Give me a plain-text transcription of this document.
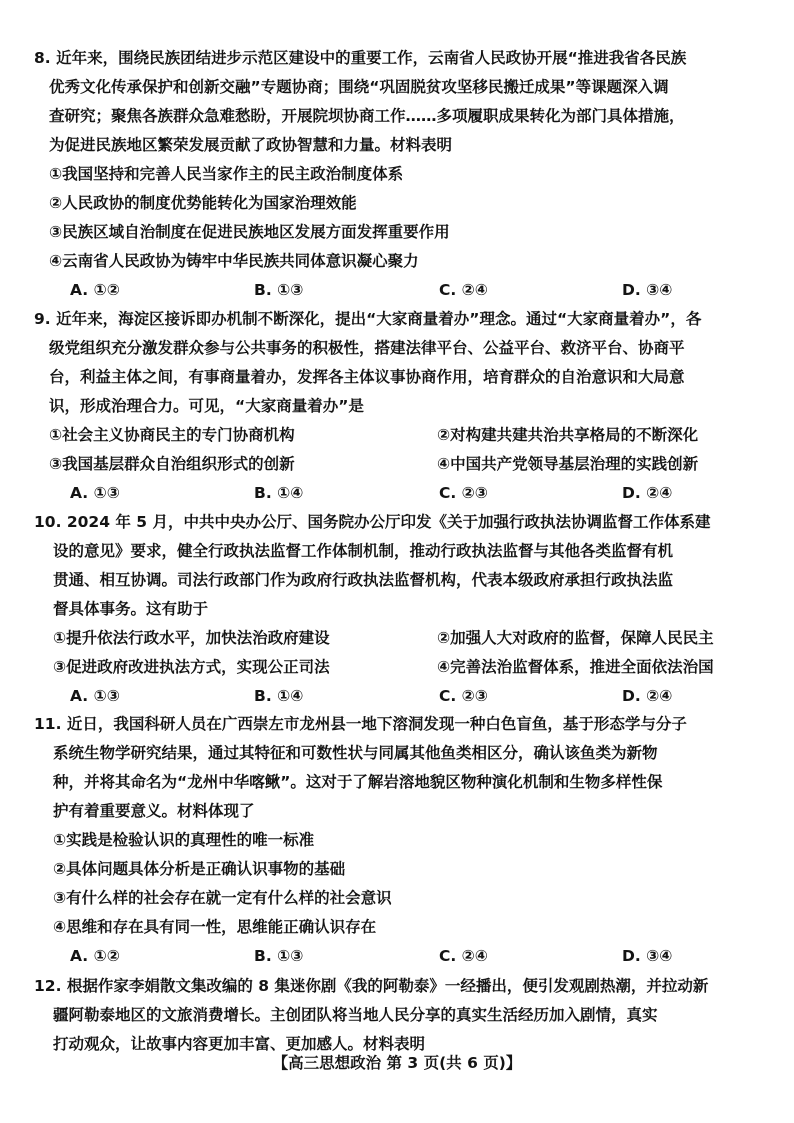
8. 近年来，围绕民族团结进步示范区建设中的重要工作，云南省人民政协开展“推进我省各民族
优秀文化传承保护和创新交融”专题协商；围绕“巩固脱贫攻坚移民搬迁成果”等课题深入调
查研究；聚焦各族群众急难愁盼，开展院坝协商工作……多项履职成果转化为部门具体措施，
为促进民族地区繁荣发展贡献了政协智慧和力量。材料表明
①我国坚持和完善人民当家作主的民主政治制度体系
②人民政协的制度优势能转化为国家治理效能
③民族区域自治制度在促进民族地区发展方面发挥重要作用
④云南省人民政协为铸牢中华民族共同体意识凝心聚力
A. ①②	B. ①③	C. ②④	D. ③④
9. 近年来，海淀区接诉即办机制不断深化，提出“大家商量着办”理念。通过“大家商量着办”，各
级党组织充分激发群众参与公共事务的积极性，搭建法律平台、公益平台、救济平台、协商平
台，利益主体之间，有事商量着办，发挥各主体议事协商作用，培育群众的自治意识和大局意
识，形成治理合力。可见，“大家商量着办”是
①社会主义协商民主的专门协商机构	②对构建共建共治共享格局的不断深化
③我国基层群众自治组织形式的创新	④中国共产党领导基层治理的实践创新
A. ①③	B. ①④	C. ②③	D. ②④
10. 2024 年 5 月，中共中央办公厅、国务院办公厅印发《关于加强行政执法协调监督工作体系建
设的意见》要求，健全行政执法监督工作体制机制，推动行政执法监督与其他各类监督有机
贯通、相互协调。司法行政部门作为政府行政执法监督机构，代表本级政府承担行政执法监
督具体事务。这有助于
①提升依法行政水平，加快法治政府建设	②加强人大对政府的监督，保障人民民主
③促进政府改进执法方式，实现公正司法	④完善法治监督体系，推进全面依法治国
A. ①③	B. ①④	C. ②③	D. ②④
11. 近日，我国科研人员在广西崇左市龙州县一地下溶洞发现一种白色盲鱼，基于形态学与分子
系统生物学研究结果，通过其特征和可数性状与同属其他鱼类相区分，确认该鱼类为新物
种，并将其命名为“龙州中华喀鳅”。这对于了解岩溶地貌区物种演化机制和生物多样性保
护有着重要意义。材料体现了
①实践是检验认识的真理性的唯一标准
②具体问题具体分析是正确认识事物的基础
③有什么样的社会存在就一定有什么样的社会意识
④思维和存在具有同一性，思维能正确认识存在
A. ①②	B. ①③	C. ②④	D. ③④
12. 根据作家李娟散文集改编的 8 集迷你剧《我的阿勒泰》一经播出，便引发观剧热潮，并拉动新
疆阿勒泰地区的文旅消费增长。主创团队将当地人民分享的真实生活经历加入剧情，真实
打动观众，让故事内容更加丰富、更加感人。材料表明
【高三思想政治 第 3 页(共 6 页)】
